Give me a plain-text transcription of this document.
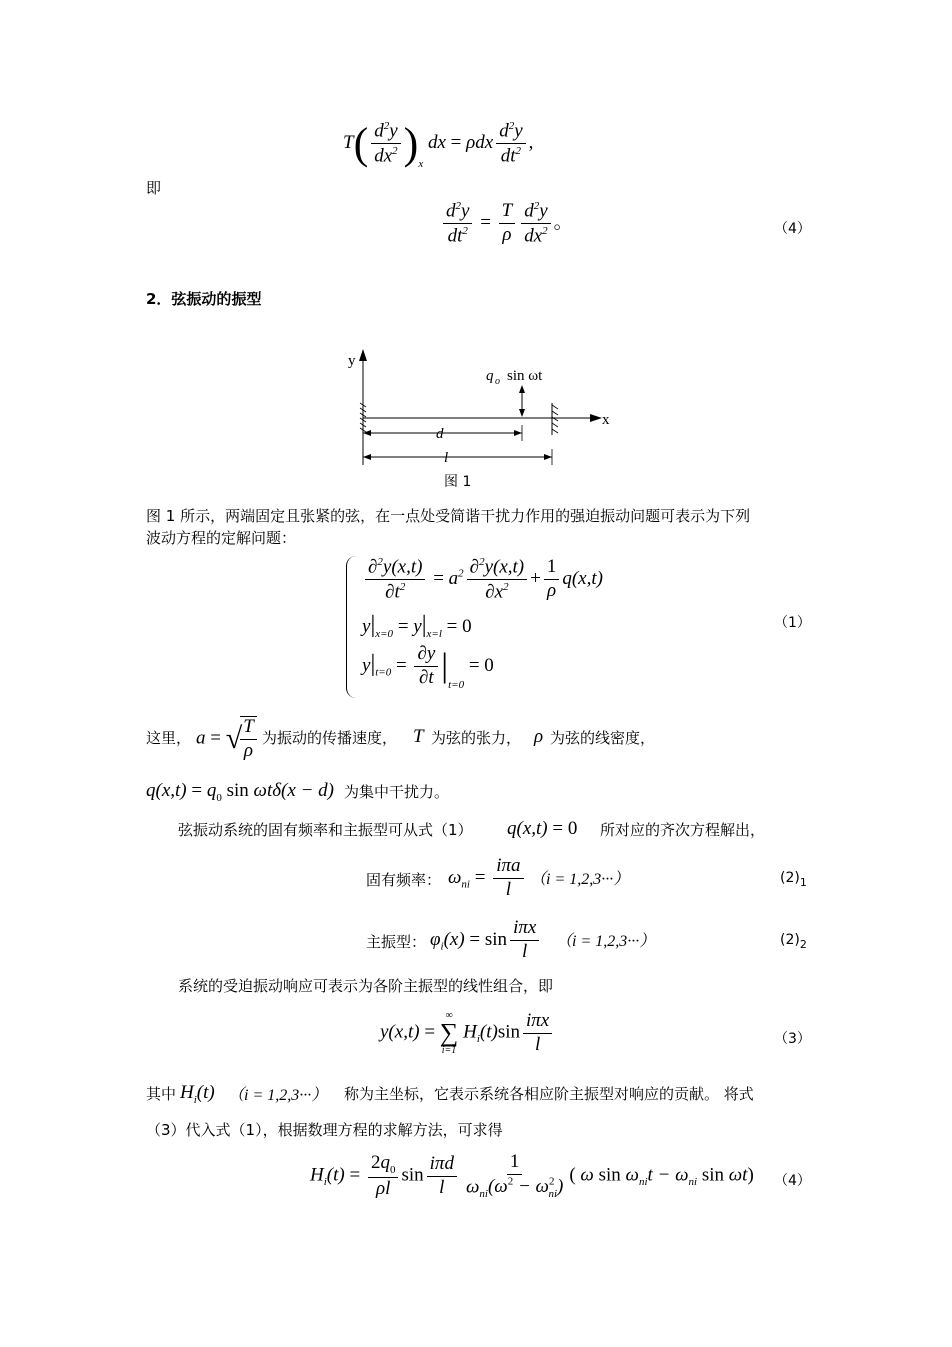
$T( \frac{d^2y}{dx^2} )_x$ dx = ρdx $\frac{d^2y}{dt^2}$ ,
即
$\frac{d^2y}{dt^2} = \frac{T}{\rho} \frac{d^2y}{dx^2}$ 。	（4）
2．弦振动的振型
y
x
q o sin ωt
d
l
图 1
图 1 所示，两端固定且张紧的弦，在一点处受简谐干扰力作用的强迫振动问题可表示为下列
波动方程的定解问题：
$\frac{\partial^2y(x,t)}{\partial t^2} = a^2 \frac{\partial^2y(x,t)}{\partial x^2} + \frac{1}{\rho} q(x,t)$
$y|_{x=0} = y|_{x=l} = 0$
$y|_{t=0} = \frac{\partial y}{\partial t} |_{t=0} = 0$
（1）
这里， a = √
$\frac{T}{\rho}$ 为振动的传播速度， T 为弦的张力， ρ 为弦的线密度，
$q(x,t) = q_0$ sin ωtδ(x − d) 为集中干扰力。
弦振动系统的固有频率和主振型可从式（1） q(x,t) = 0 所对应的齐次方程解出，
固有频率： $\omega_{ni} = \frac{\text{iπa}}{l} (i = 1,2,3\cdot\cdot\cdot)$	$(2)_1$
主振型： $\varphi_i(x) = \sin \frac{\text{iπx}}{l} (i = 1,2,3\cdot\cdot\cdot)$	$(2)_2$
系统的受迫振动响应可表示为各阶主振型的线性组合，即
y(x,t) =
∞
∑
i=1
$H_i(t)\sin \frac{\text{iπx}}{l}$	（3）
其中 $H_i(t) (i = 1,2,3\cdot\cdot\cdot)$ 称为主坐标，它表示系统各相应阶主振型对响应的贡献。 将式
（3）代入式（1），根据数理方程的求解方法，可求得
$H_i(t) = \frac{2q_0}{\rho l}$ $\sin \frac{\text{iπd}}{l} \frac{1}{\omega_{ni}(\omega^2 - \omega^2_{ni})}$ ( ω $\sin \omega_{ni}t - \omega_{ni}$ sin ωt) （4）
